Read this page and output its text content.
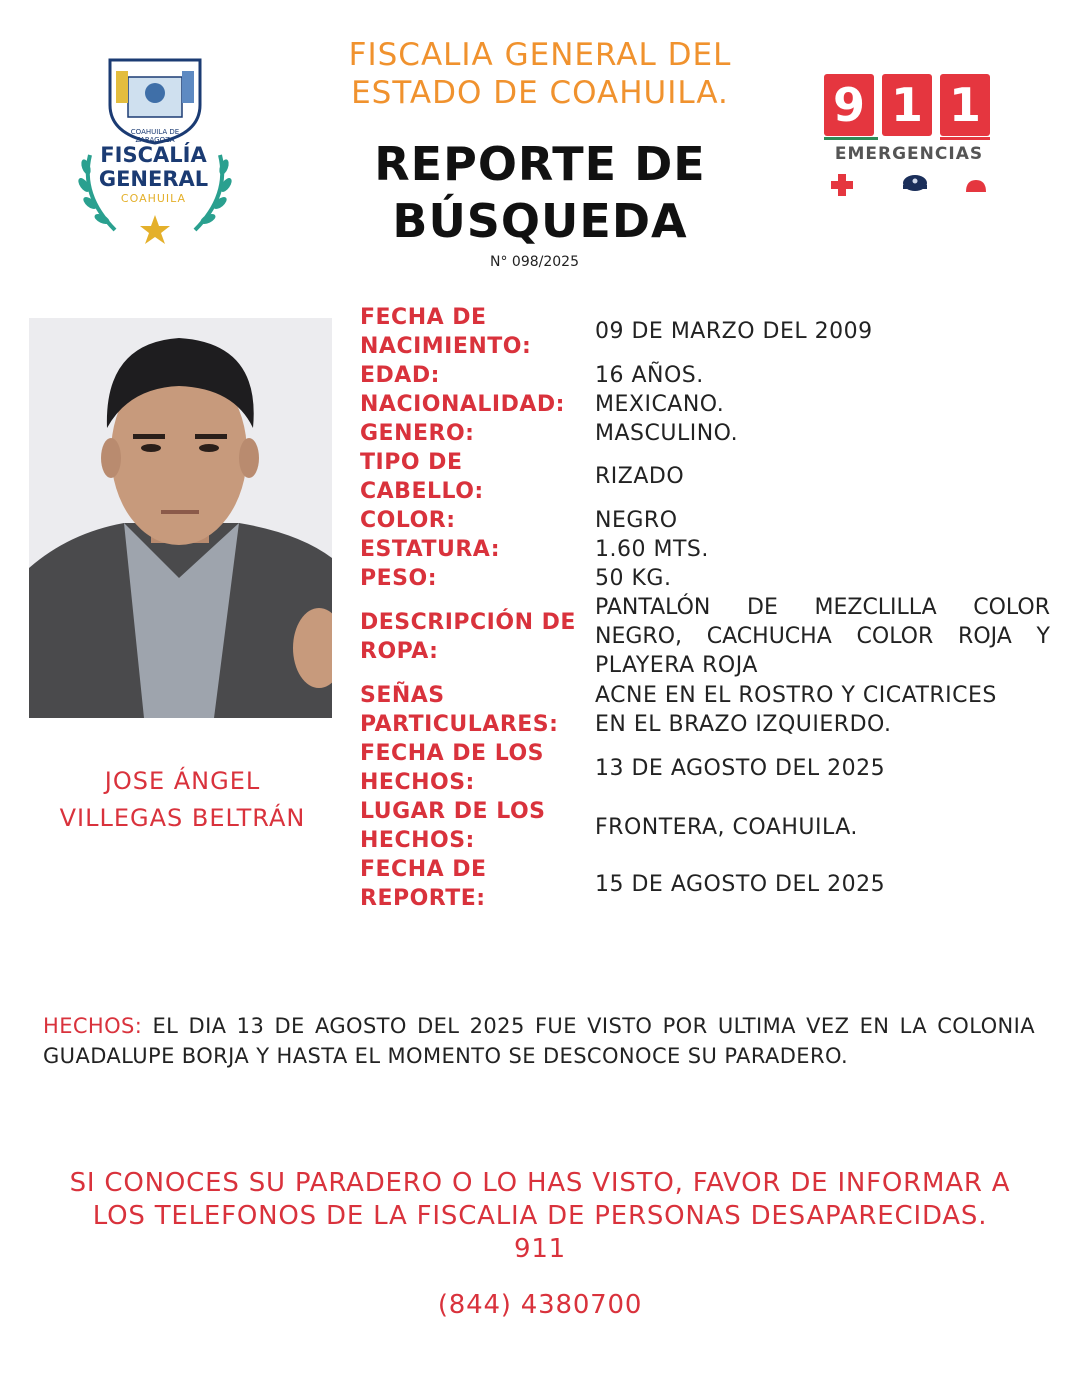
FISCALÍA
GENERAL
COAHUILA
COAHUILA DE ZARAGOZA
FISCALIA GENERAL DEL
ESTADO DE COAHUILA.
REPORTE DE
BÚSQUEDA
N° 098/2025
9 1 1
EMERGENCIAS
JOSE ÁNGEL
VILLEGAS BELTRÁN
FECHA DE
NACIMIENTO:
09 DE MARZO DEL 2009
EDAD:	16 AÑOS.
NACIONALIDAD: MEXICANO.
GENERO:	MASCULINO.
TIPO DE
CABELLO:
RIZADO
COLOR:	NEGRO
ESTATURA:	1.60 MTS.
PESO:	50 KG.
DESCRIPCIÓN DE
ROPA:
PANTALÓN DE MEZCLILLA COLOR
NEGRO, CACHUCHA COLOR ROJA Y
PLAYERA ROJA
SEÑAS
PARTICULARES:
ACNE EN EL ROSTRO Y CICATRICES
EN EL BRAZO IZQUIERDO.
FECHA DE LOS
HECHOS:
13 DE AGOSTO DEL 2025
LUGAR DE LOS
HECHOS:
FRONTERA, COAHUILA.
FECHA DE
REPORTE:
15 DE AGOSTO DEL 2025
HECHOS: EL DIA 13 DE AGOSTO DEL 2025 FUE VISTO POR ULTIMA VEZ EN LA COLONIA GUADALUPE BORJA Y HASTA EL MOMENTO SE DESCONOCE SU PARADERO.
SI CONOCES SU PARADERO O LO HAS VISTO, FAVOR DE INFORMAR A
LOS TELEFONOS DE LA FISCALIA DE PERSONAS DESAPARECIDAS.
911
(844) 4380700
